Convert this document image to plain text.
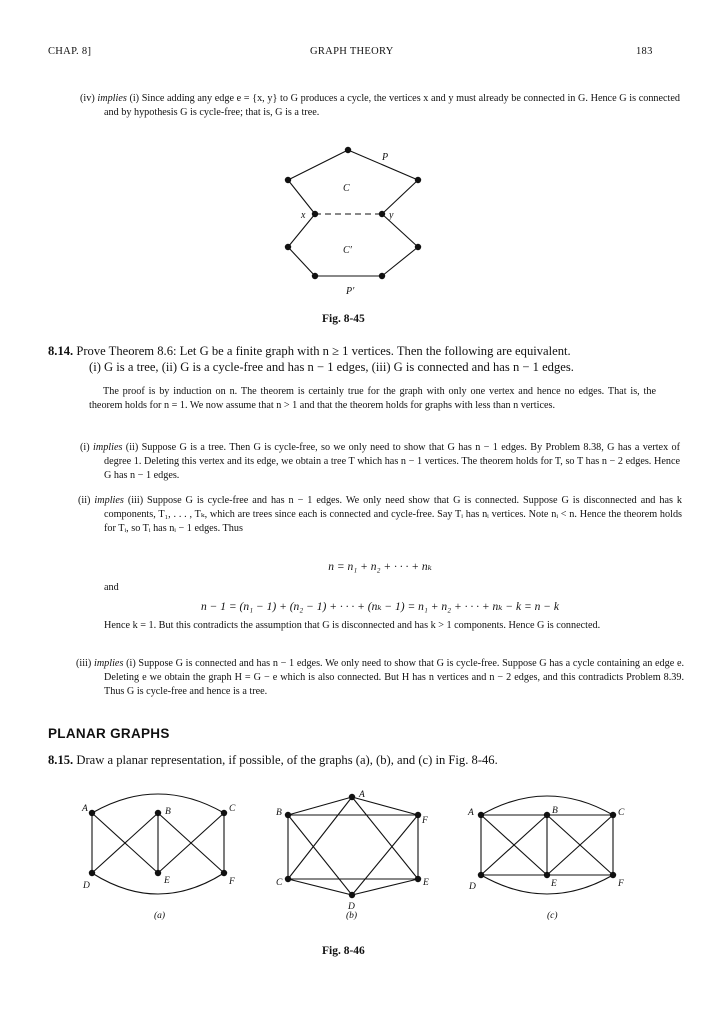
CHAP. 8]	GRAPH THEORY	183
(iv) implies (i) Since adding any edge e = {x, y} to G produces a cycle, the vertices x and y must already be connected in G. Hence G is connected and by hypothesis G is cycle-free; that is, G is a tree.
P
C
x	y
C′
P′
Fig. 8-45
8.14. Prove Theorem 8.6: Let G be a finite graph with n ≥ 1 vertices. Then the following are equivalent.
(i) G is a tree, (ii) G is a cycle-free and has n − 1 edges, (iii) G is connected and has n − 1 edges.
The proof is by induction on n. The theorem is certainly true for the graph with only one vertex and hence no edges. That is, the theorem holds for n = 1. We now assume that n > 1 and that the theorem holds for graphs with less than n vertices.
(i) implies (ii) Suppose G is a tree. Then G is cycle-free, so we only need to show that G has n − 1 edges. By Problem 8.38, G has a vertex of degree 1. Deleting this vertex and its edge, we obtain a tree T which has n − 1 vertices. The theorem holds for T, so T has n − 2 edges. Hence G has n − 1 edges.
(ii) implies (iii) Suppose G is cycle-free and has n − 1 edges. We only need show that G is connected. Suppose G is disconnected and has k components, T₁, . . . , Tₖ, which are trees since each is connected and cycle-free. Say Tᵢ has nᵢ vertices. Note nᵢ < n. Hence the theorem holds for Tᵢ, so Tᵢ has nᵢ − 1 edges. Thus
n = n₁ + n₂ + · · · + nₖ
and
n − 1 = (n₁ − 1) + (n₂ − 1) + · · · + (nₖ − 1) = n₁ + n₂ + · · · + nₖ − k = n − k
Hence k = 1. But this contradicts the assumption that G is disconnected and has k > 1 components. Hence G is connected.
(iii) implies (i) Suppose G is connected and has n − 1 edges. We only need to show that G is cycle-free. Suppose G has a cycle containing an edge e. Deleting e we obtain the graph H = G − e which is also connected. But H has n vertices and n − 2 edges, and this contradicts Problem 8.39. Thus G is cycle-free and hence is a tree.
PLANAR GRAPHS
8.15. Draw a planar representation, if possible, of the graphs (a), (b), and (c) in Fig. 8-46.
A	B	C
D	E	F
(a)
A
B
F
C	E
D
(b)
A	B	C
D	E	F
(c)
Fig. 8-46
